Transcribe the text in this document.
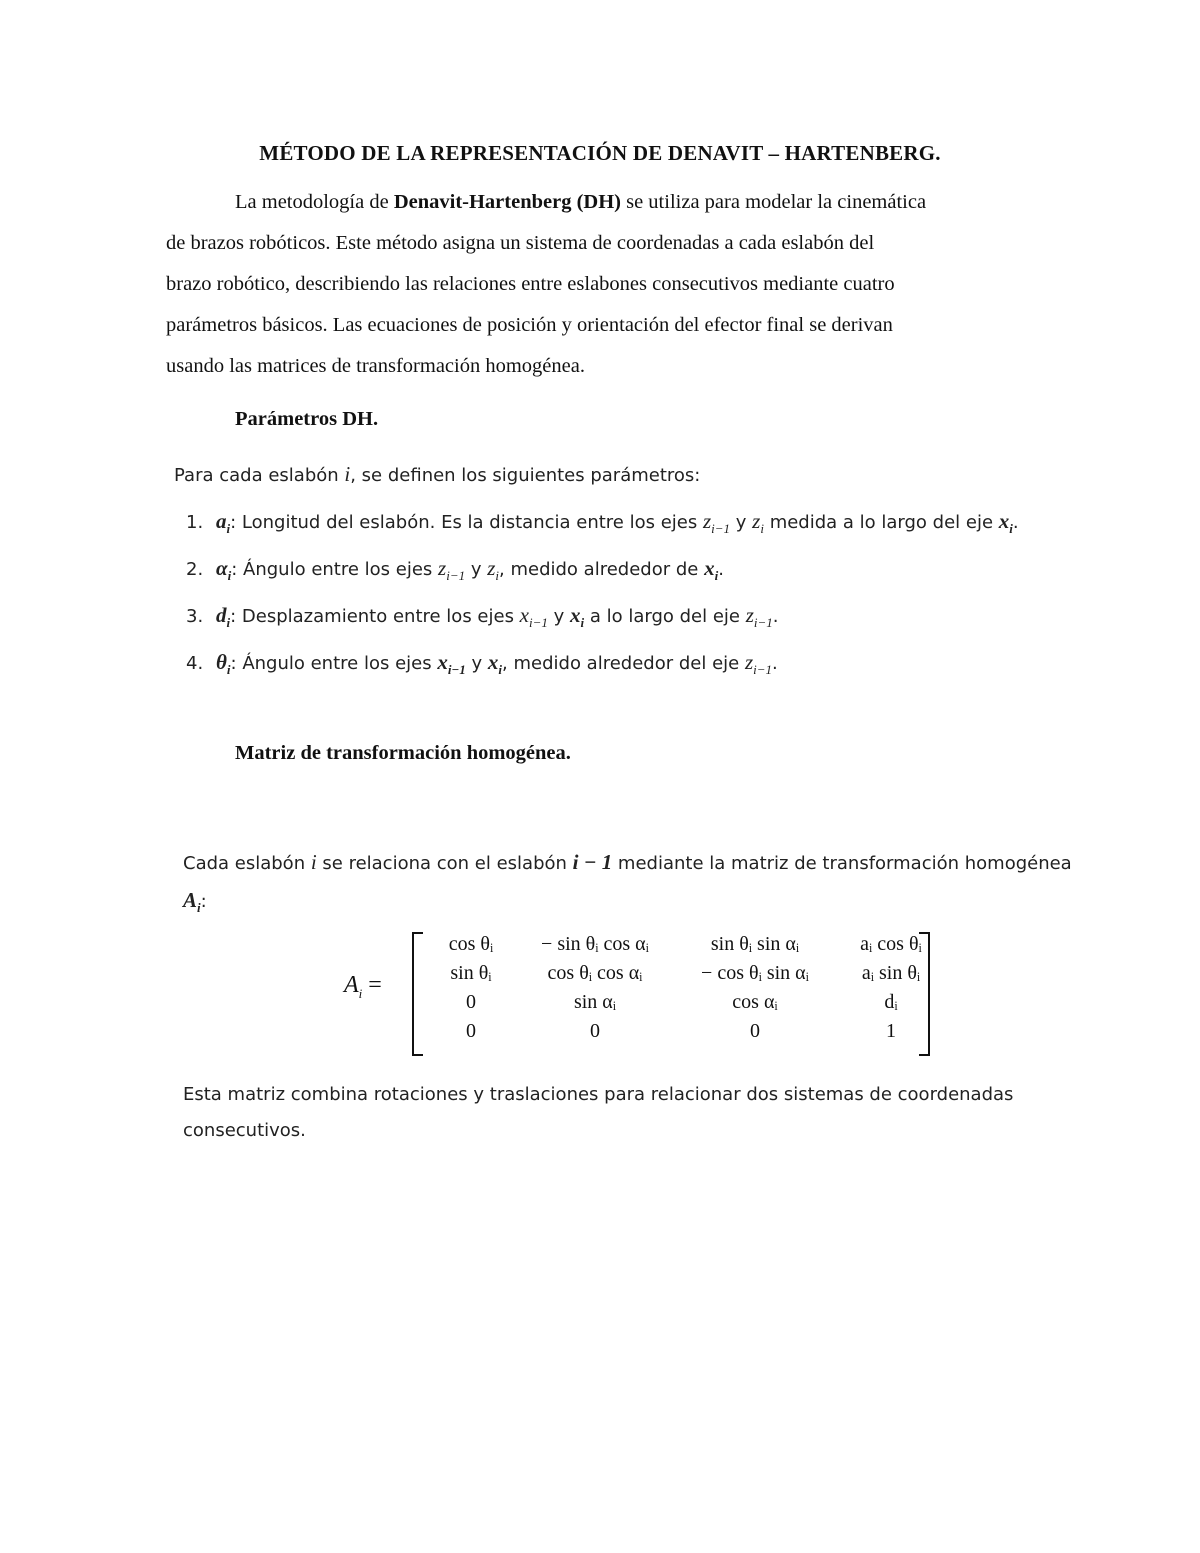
MÉTODO DE LA REPRESENTACIÓN DE DENAVIT – HARTENBERG.
La metodología de Denavit-Hartenberg (DH) se utiliza para modelar la cinemática
de brazos robóticos. Este método asigna un sistema de coordenadas a cada eslabón del
brazo robótico, describiendo las relaciones entre eslabones consecutivos mediante cuatro
parámetros básicos. Las ecuaciones de posición y orientación del efector final se derivan
usando las matrices de transformación homogénea.
Parámetros DH.
Para cada eslabón i, se definen los siguientes parámetros:
1. $a_i$: Longitud del eslabón. Es la distancia entre los ejes $z_{i-1}$ y $z_i$ medida a lo largo del eje $x_i$.
2. $\alpha_i$: Ángulo entre los ejes $z_{i-1}$ y $z_i$, medido alrededor de $x_i$.
3. $d_i$: Desplazamiento entre los ejes $x_{i-1}$ y $x_i$ a lo largo del eje $z_{i-1}$.
4. $\theta_i$: Ángulo entre los ejes $x_{i-1}$ y $x_i$, medido alrededor del eje $z_{i-1}$.
Matriz de transformación homogénea.
Cada eslabón i se relaciona con el eslabón i − 1 mediante la matriz de transformación homogénea
$A_i$:
$A_i$ =
cos θᵢ	− sin θᵢ cos αᵢ	sin θᵢ sin αᵢ	aᵢ cos θᵢ
sin θᵢ	cos θᵢ cos αᵢ	− cos θᵢ sin αᵢ	aᵢ sin θᵢ
0	sin αᵢ	cos αᵢ	dᵢ
0	0	0	1
Esta matriz combina rotaciones y traslaciones para relacionar dos sistemas de coordenadas consecutivos.
